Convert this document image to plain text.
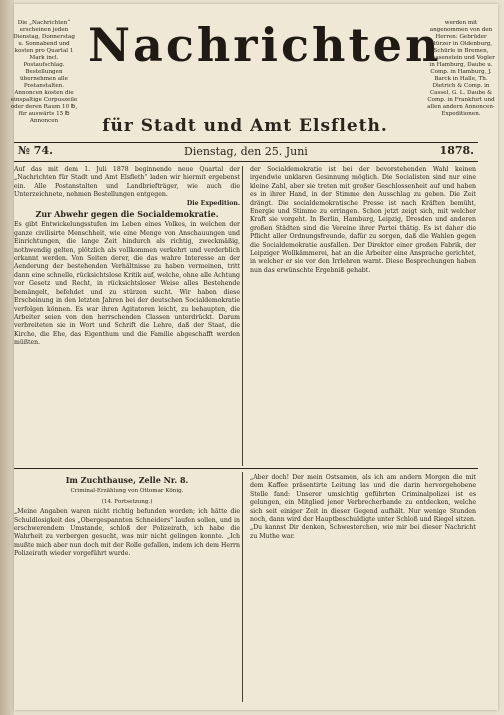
Die „Nachrichten“ erscheinen jeden Dienstag, Donnerstag u. Sonnabend und kosten pro Quartal 1 Mark incl. Postaufschlag. Bestellungen übernehmen alle Postanstalten. Annoncen kosten die einspaltige Corpuszeile oder deren Raum 10 ℔, für auswärts 15 ℔ Annoncen
werden mit angenommen von den Herren: Gebrüder Stürzer in Oldenburg, Schürle in Bremen, Haasenstein und Vogler in Hamburg, Daube u. Comp. in Hamburg, J. Barck in Halle, Th. Dietrich & Comp. in Cassel, G. L. Daube & Comp. in Frankfurt und allen andern Annoncen-Expeditionen.
Nachrichten
für Stadt und Amt Elsfleth.
№ 74.	Dienstag, den 25. Juni	1878.

Auf das mit dem 1. Juli 1878 beginnende neue Quartal der „Nachrichten für Stadt und Amt Elsfleth“ laden wir hiermit ergebenst ein. Alle Postanstalten und Landbriefträger, wie auch die Unterzeichnete, nehmen Bestellungen entgegen.

Die Expedition.

Zur Abwehr gegen die Socialdemokratie.

Es gibt Entwickelungsstufen im Leben eines Volkes, in welchen der ganze civilisirte Menschheit, wie eine Menge von Anschauungen und Einrichtungen, die lange Zeit hindurch als richtig, zweckmäßig, nothwendig gelten, plötzlich als vollkommen verkehrt und verderblich erkannt werden. Von Seiten derer, die das wahre Interesse an der Aenderung der bestehenden Verhältnisse zu haben vermeinen, tritt dann eine schnelle, rücksichtslose Kritik auf, welche, ohne alle Achtung vor Gesetz und Recht, in rücksichtsloser Weise alles Bestehende bemängelt, befehdet und zu stürzen sucht. Wir haben diese Erscheinung in den letzten Jahren bei der deutschen Socialdemokratie verfolgen können. Es war ihren Agitatoren leicht, zu behaupten, die Arbeiter seien von den herrschenden Classen unterdrückt. Darum verbreiteten sie in Wort und Schrift die Lehre, daß der Staat, die Kirche, die Ehe, das Eigenthum und die Familie abgeschafft werden müßten.

der Socialdemokratie ist bei der bevorstehenden Wahl keinen irgendwie unklaren Gesinnung möglich. Die Socialisten sind nur eine kleine Zahl, aber sie treten mit großer Geschlossenheit auf und haben es in ihrer Hand, in der Stimme den Ausschlag zu geben. Die Zeit drängt. Die socialdemokratische Presse ist nach Kräften bemüht, Energie und Stimme zu erringen. Schon jetzt zeigt sich, mit welcher Kraft sie vorgeht. In Berlin, Hamburg, Leipzig, Dresden und anderen großen Städten sind die Vereine ihrer Partei thätig. Es ist daher die Pflicht aller Ordnungsfreunde, dafür zu sorgen, daß die Wahlen gegen die Socialdemokratie ausfallen. Der Direktor einer großen Fabrik, der Leipziger Wollkämmerei, hat an die Arbeiter eine Ansprache gerichtet, in welcher er sie vor den Irrlehren warnt. Diese Besprechungen haben nun das erwünschte Ergebniß gehabt.

Im Zuchthause, Zelle Nr. 8.
Criminal-Erzählung von Ottomar König.
(14. Fortsetzung.)

„Meine Angaben waren nicht richtig befunden worden; ich hätte die Schuldlosigkeit des „Obergespannten Schneiders“ laufen sollen, und in erschwerendem Umstande, schloß der Polizeirath, ich habe die Wahrheit zu verbergen gesucht, was mir nicht gelingen konnte. „Ich mußte mich aber nun doch mit der Rolle gefallen, indem ich dem Herrn Polizeirath wieder vorgeführt wurde.

„Aber doch! Der mein Ostsamen, als ich am andern Morgen die mit dem Kaffee präsentirte Leitung las und die darin hervorgehobene Stelle fand: Unserer umsichtig geführten Criminalpolizei ist es gelungen, ein Mitglied jener Verbrecherbande zu entdecken, welche sich seit einiger Zeit in dieser Gegend aufhält. Nur wenige Stunden noch, dann wird der Hauptbeschuldigte unter Schloß und Riegel sitzen. „Du kannst Dir denken, Schwesterchen, wie mir bei dieser Nachricht zu Muthe war.
